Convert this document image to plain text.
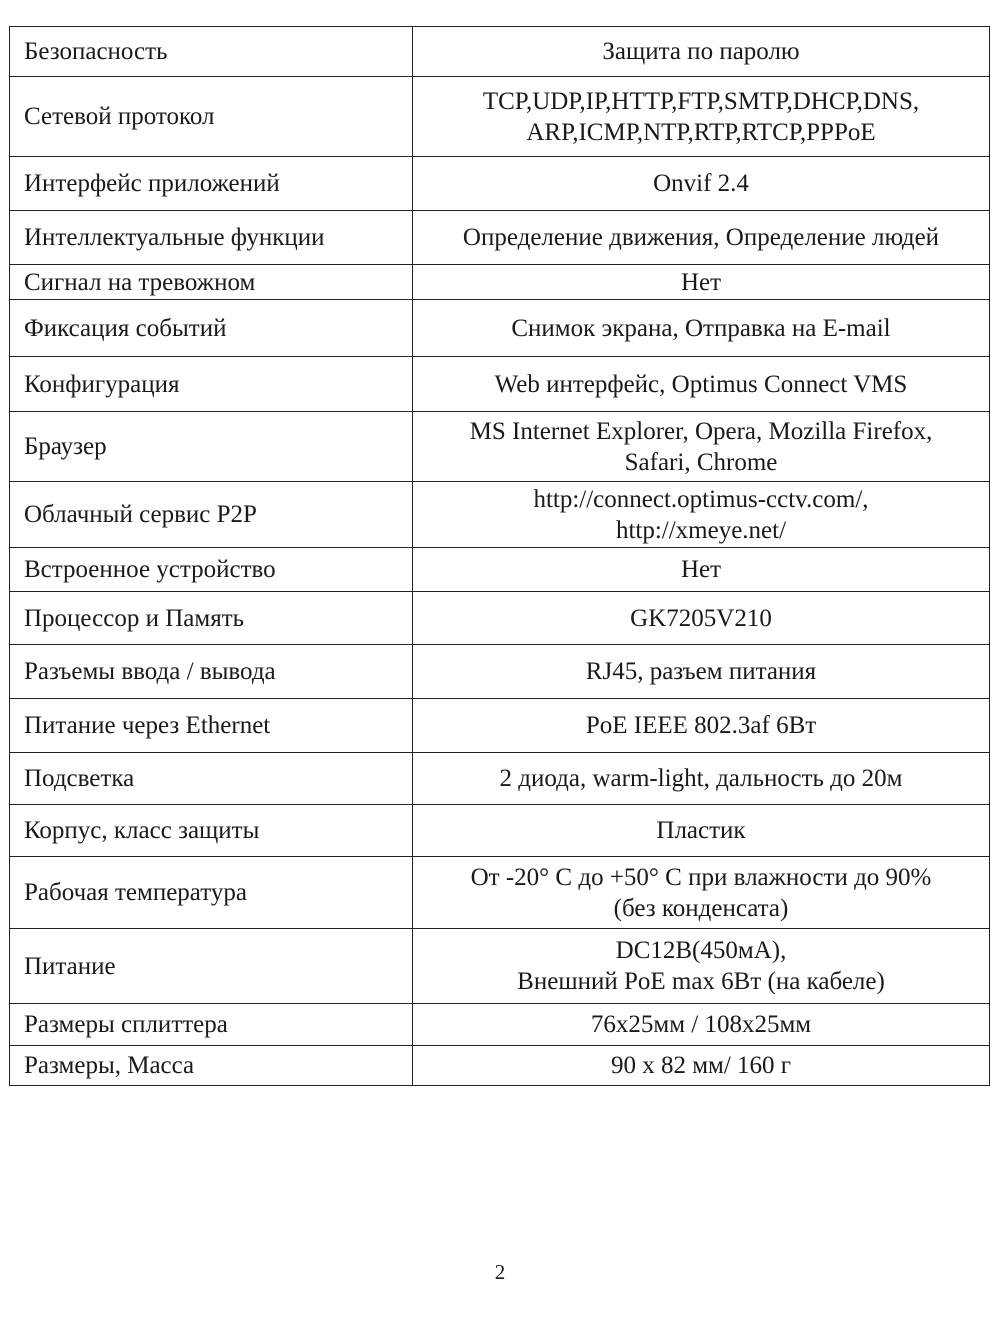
Безопасность	Защита по паролю

Сетевой протокол	TCP,UDP,IP,HTTP,FTP,SMTP,DHCP,DNS,
ARP,ICMP,NTP,RTP,RTCP,PPPoE

Интерфейс приложений	Onvif 2.4

Интеллектуальные функции	Определение движения, Определение людей

Сигнал на тревожном	Нет

Фиксация событий	Снимок экрана, Отправка на E-mail

Конфигурация	Web интерфейс, Optimus Connect VMS

Браузер	MS Internet Explorer, Opera, Mozilla Firefox,
Safari, Chrome

Облачный сервис P2P	http://connect.optimus-cctv.com/,
http://xmeye.net/

Встроенное устройство	Нет

Процессор и Память	GK7205V210

Разъемы ввода / вывода	RJ45, разъем питания

Питание через Ethernet	PoE IEEE 802.3af 6Вт

Подсветка	2 диода, warm-light, дальность до 20м

Корпус, класс защиты	Пластик

Рабочая температура	От -20° С до +50° С при влажности до 90%
(без конденсата)

Питание	DC12В(450мА),
Внешний PoE max 6Вт (на кабеле)

Размеры сплиттера	76x25мм / 108x25мм

Размеры, Масса	90 x 82 мм/ 160 г
2
